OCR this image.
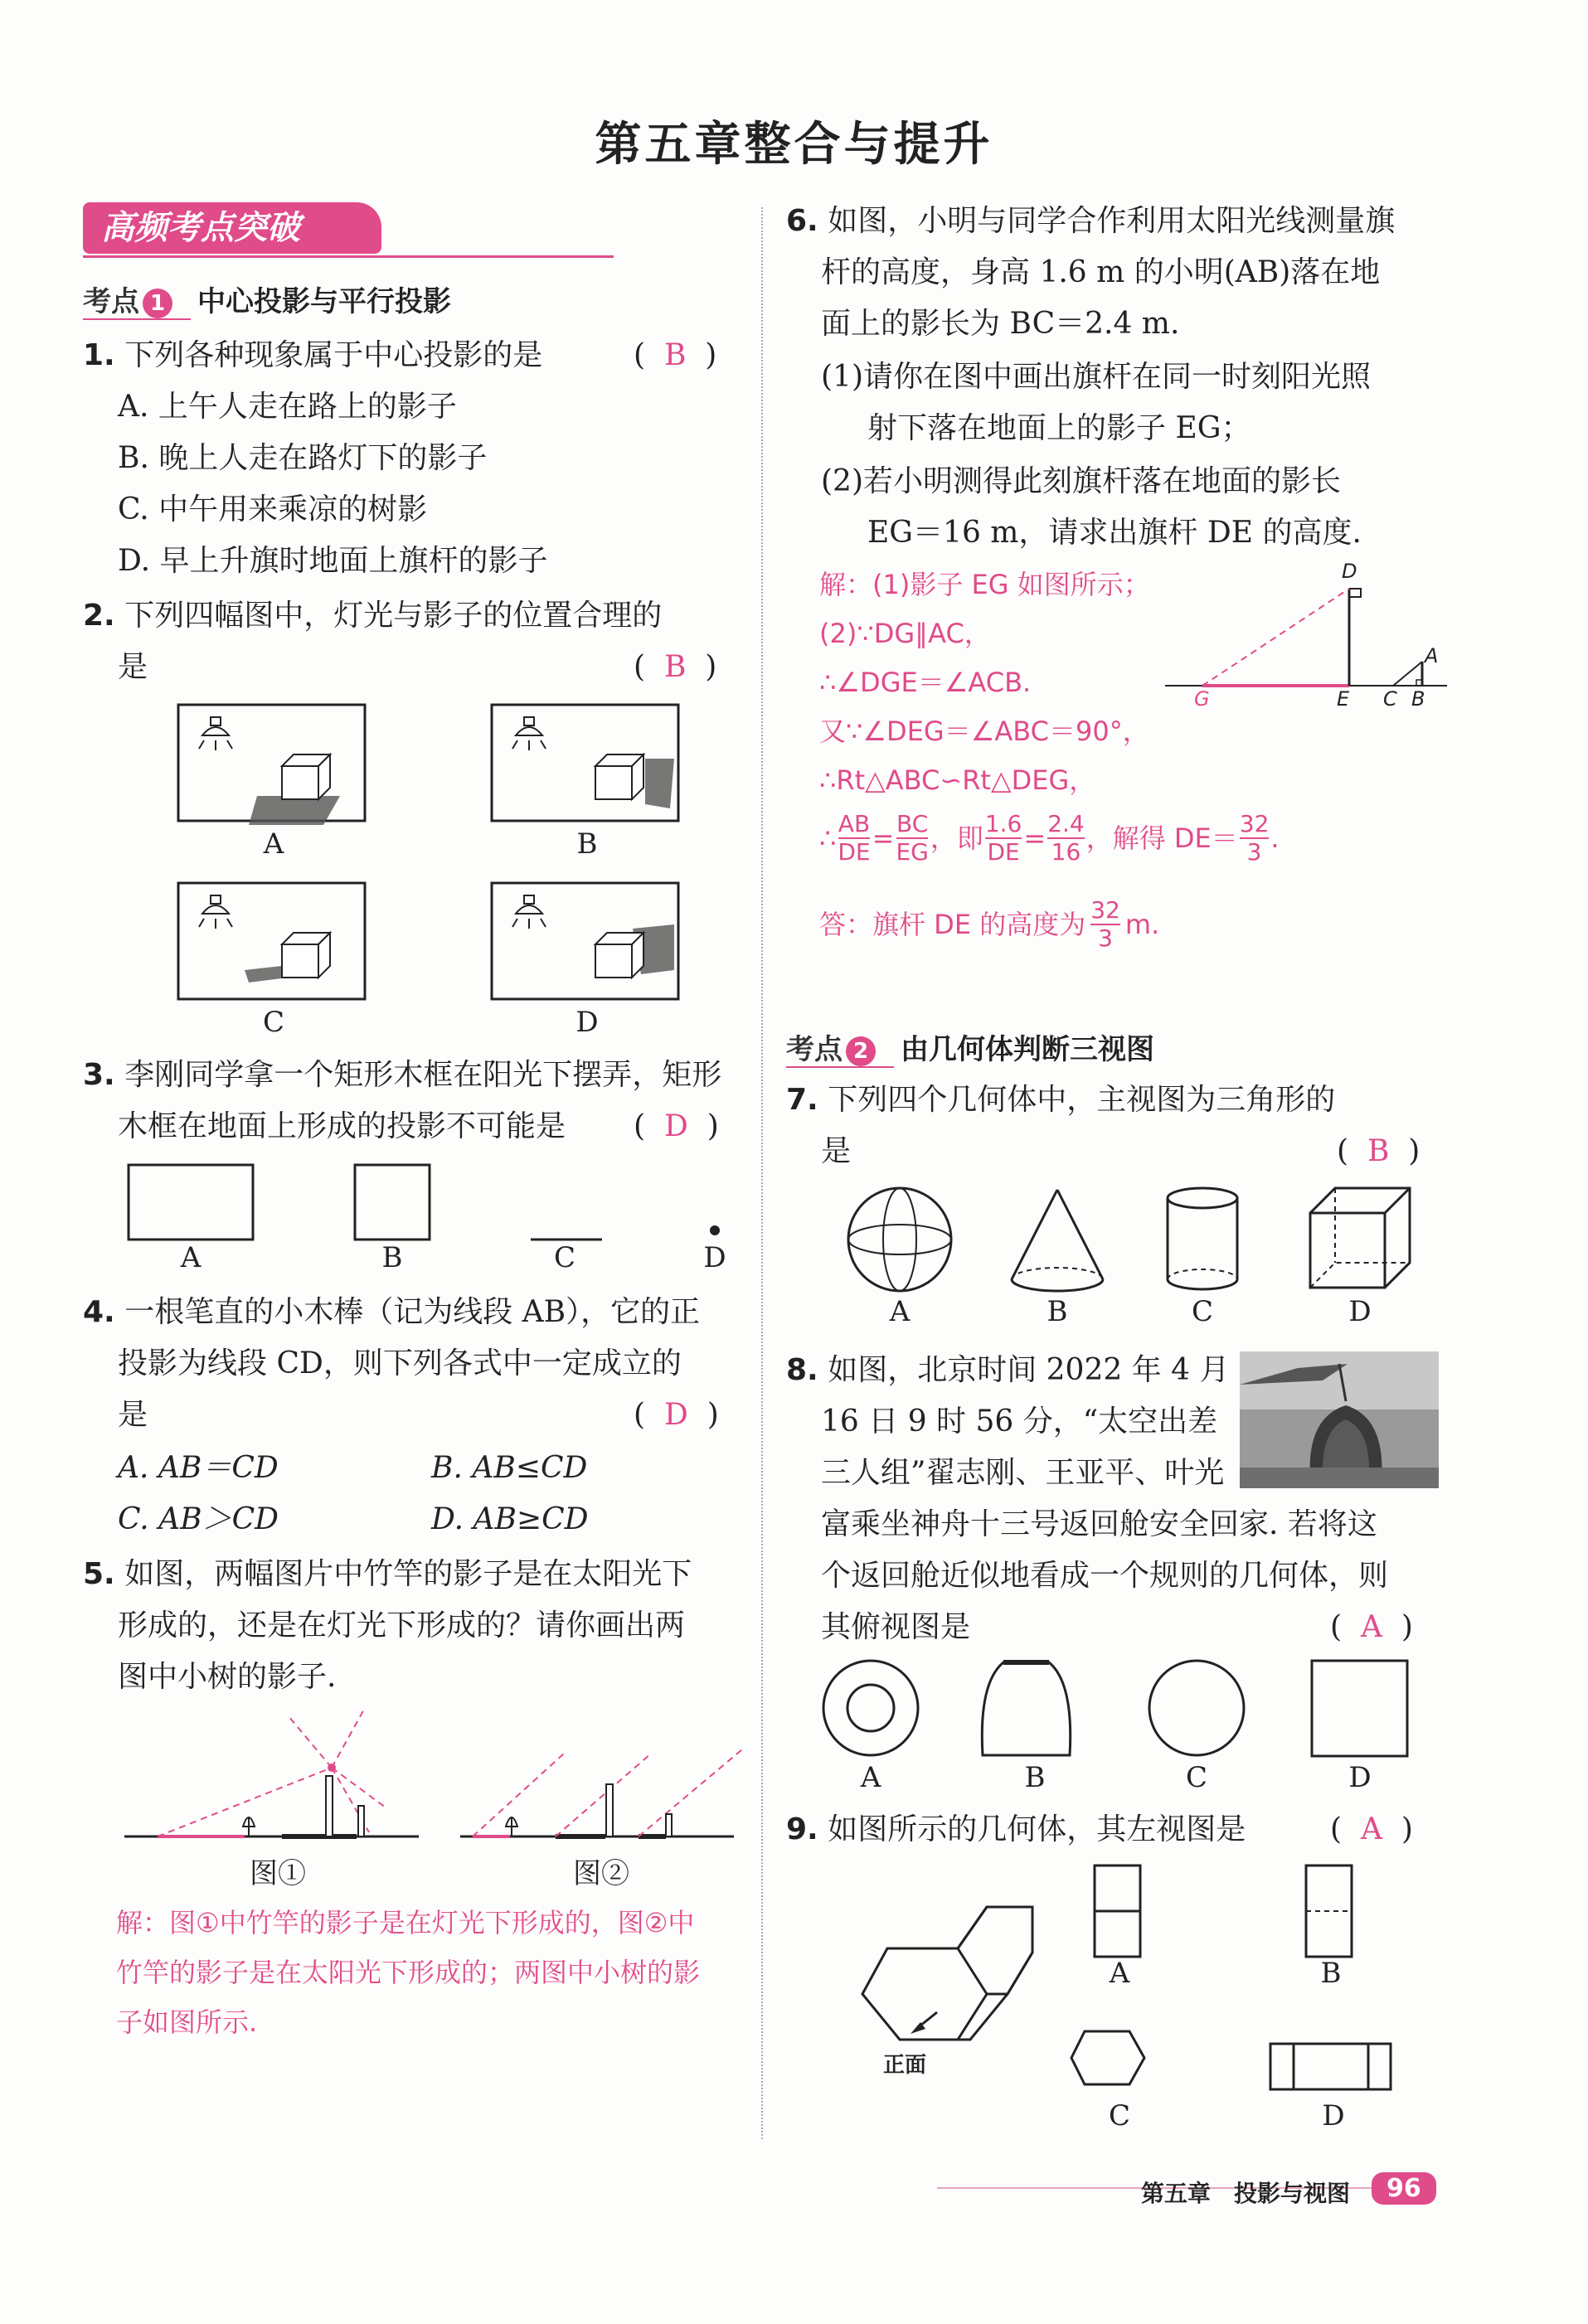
第五章整合与提升
高频考点突破
考点 1 中心投影与平行投影
1. 下列各种现象属于中心投影的是	(  B  )
A. 上午人走在路上的影子
B. 晚上人走在路灯下的影子
C. 中午用来乘凉的树影
D. 早上升旗时地面上旗杆的影子
2. 下列四幅图中，灯光与影子的位置合理的
是	(  B  )
A	B
C	D
3. 李刚同学拿一个矩形木框在阳光下摆弄，矩形
木框在地面上形成的投影不可能是 (  D  )
A	B	C	D
4. 一根笔直的小木棒（记为线段 AB），它的正
投影为线段 CD，则下列各式中一定成立的
是	(  D  )
A. AB＝CD	B. AB≤CD
C. AB＞CD	D. AB≥CD
5. 如图，两幅图片中竹竿的影子是在太阳光下
形成的，还是在灯光下形成的？请你画出两
图中小树的影子.
图①	图②
解：图①中竹竿的影子是在灯光下形成的，图②中
竹竿的影子是在太阳光下形成的；两图中小树的影
子如图所示.
6. 如图，小明与同学合作利用太阳光线测量旗
杆的高度，身高 1.6 m 的小明(AB)落在地
面上的影长为 BC＝2.4 m.
(1)请你在图中画出旗杆在同一时刻阳光照
射下落在地面上的影子 EG；
(2)若小明测得此刻旗杆落在地面的影长
EG＝16 m，请求出旗杆 DE 的高度.
解：(1)影子 EG 如图所示；
(2)∵DG∥AC，
∴∠DGE＝∠ACB.
又∵∠DEG＝∠ABC＝90°，
∴Rt△ABC∽Rt△DEG，
∴ $\frac{AB}{DE} = \frac{BC}{EG}$ ，即 $\frac{1.6}{DE} = \frac{2.4}{16}$ ，解得 $DE= \frac{32}{3}$ .
答：旗杆 DE 的高度为 $\frac{32}{3} m$.
D
A
G	E C B
考点 2 由几何体判断三视图
7. 下列四个几何体中，主视图为三角形的
是	(  B  )
A	B	C	D
8. 如图，北京时间 2022 年 4 月
16 日 9 时 56 分，“太空出差
三人组”翟志刚、王亚平、叶光
富乘坐神舟十三号返回舱安全回家. 若将这
个返回舱近似地看成一个规则的几何体，则
其俯视图是	(  A  )
A	B	C	D
9. 如图所示的几何体，其左视图是	(  A  )
正面
A	B
C	D
第五章 投影与视图	96
